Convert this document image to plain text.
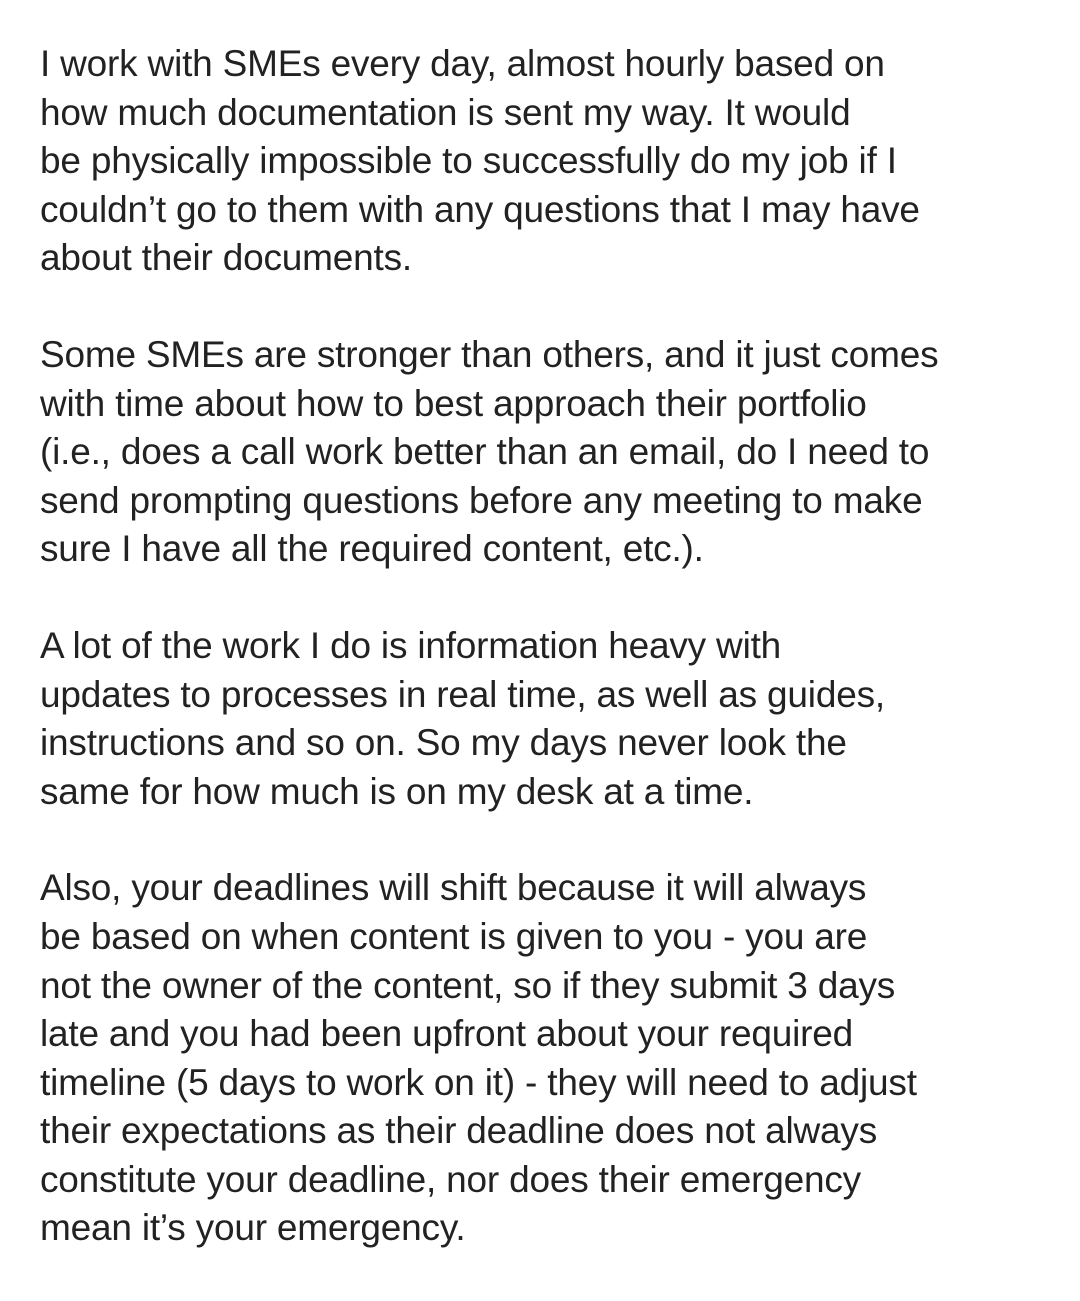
I work with SMEs every day, almost hourly based on
how much documentation is sent my way. It would
be physically impossible to successfully do my job if I
couldn’t go to them with any questions that I may have
about their documents.

Some SMEs are stronger than others, and it just comes
with time about how to best approach their portfolio
(i.e., does a call work better than an email, do I need to
send prompting questions before any meeting to make
sure I have all the required content, etc.).

A lot of the work I do is information heavy with
updates to processes in real time, as well as guides,
instructions and so on. So my days never look the
same for how much is on my desk at a time.

Also, your deadlines will shift because it will always
be based on when content is given to you - you are
not the owner of the content, so if they submit 3 days
late and you had been upfront about your required
timeline (5 days to work on it) - they will need to adjust
their expectations as their deadline does not always
constitute your deadline, nor does their emergency
mean it’s your emergency.
